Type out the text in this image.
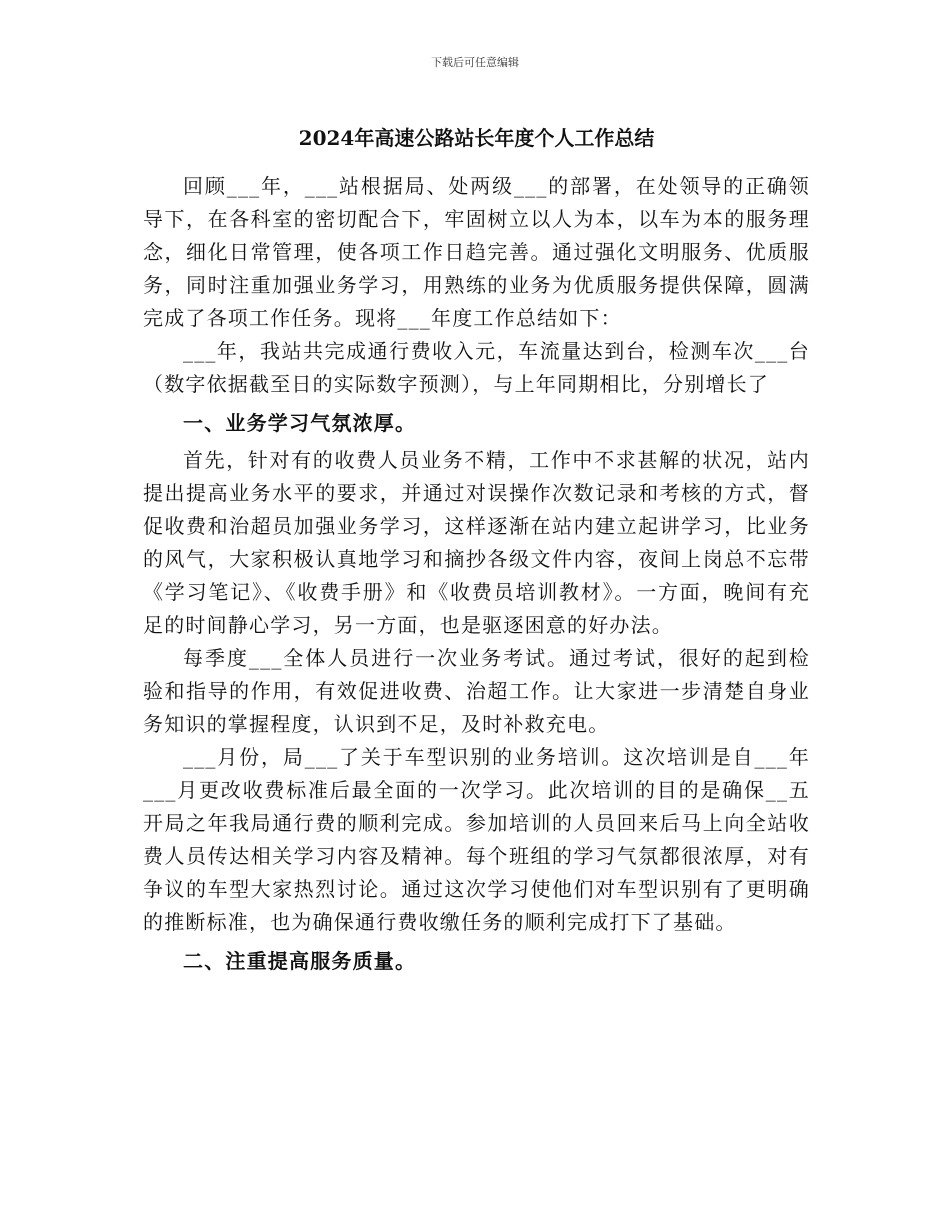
下载后可任意编辑
2024年高速公路站长年度个人工作总结

回顾___年，___站根据局、处两级___的部署，在处领导的正确领导下，在各科室的密切配合下，牢固树立以人为本，以车为本的服务理念，细化日常管理，使各项工作日趋完善。通过强化文明服务、优质服务，同时注重加强业务学习，用熟练的业务为优质服务提供保障，圆满完成了各项工作任务。现将___年度工作总结如下：

___年，我站共完成通行费收入元，车流量达到台，检测车次___台（数字依据截至日的实际数字预测），与上年同期相比，分别增长了

一、业务学习气氛浓厚。

首先，针对有的收费人员业务不精，工作中不求甚解的状况，站内提出提高业务水平的要求，并通过对误操作次数记录和考核的方式，督促收费和治超员加强业务学习，这样逐渐在站内建立起讲学习，比业务的风气，大家积极认真地学习和摘抄各级文件内容，夜间上岗总不忘带《学习笔记》、《收费手册》和《收费员培训教材》。一方面，晚间有充足的时间静心学习，另一方面，也是驱逐困意的好办法。

每季度___全体人员进行一次业务考试。通过考试，很好的起到检验和指导的作用，有效促进收费、治超工作。让大家进一步清楚自身业务知识的掌握程度，认识到不足，及时补救充电。

___月份，局___了关于车型识别的业务培训。这次培训是自___年___月更改收费标准后最全面的一次学习。此次培训的目的是确保__五开局之年我局通行费的顺利完成。参加培训的人员回来后马上向全站收费人员传达相关学习内容及精神。每个班组的学习气氛都很浓厚，对有争议的车型大家热烈讨论。通过这次学习使他们对车型识别有了更明确的推断标准，也为确保通行费收缴任务的顺利完成打下了基础。

二、注重提高服务质量。
